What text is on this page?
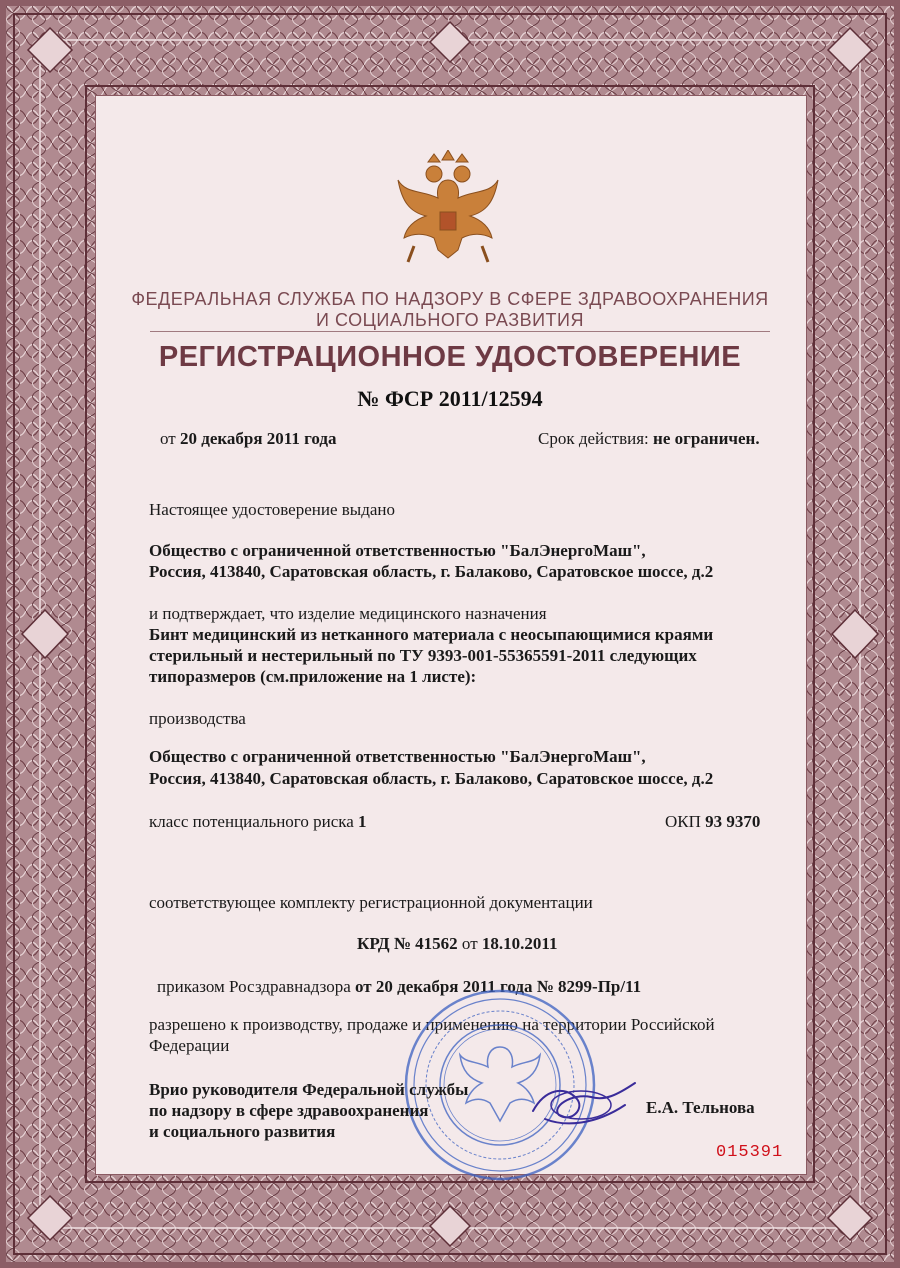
ФЕДЕРАЛЬНАЯ СЛУЖБА ПО НАДЗОРУ В СФЕРЕ ЗДРАВООХРАНЕНИЯ
И СОЦИАЛЬНОГО РАЗВИТИЯ
РЕГИСТРАЦИОННОЕ УДОСТОВЕРЕНИЕ
№ ФСР 2011/12594
от 20 декабря 2011 года	Срок действия: не ограничен.
Настоящее удостоверение выдано
Общество с ограниченной ответственностью "БалЭнергоМаш",
Россия, 413840, Саратовская область, г. Балаково, Саратовское шоссе, д.2
и подтверждает, что изделие медицинского назначения
Бинт медицинский из нетканного материала с неосыпающимися краями
стерильный и нестерильный по ТУ 9393-001-55365591-2011 следующих
типоразмеров (см.приложение на 1 листе):
производства
Общество с ограниченной ответственностью "БалЭнергоМаш",
Россия, 413840, Саратовская область, г. Балаково, Саратовское шоссе, д.2
класс потенциального риска 1	ОКП 93 9370
соответствующее комплекту регистрационной документации
КРД № 41562 от 18.10.2011
приказом Росздравнадзора от 20 декабря 2011 года № 8299-Пр/11
разрешено к производству, продаже и применению на территории Российской
Федерации
Врио руководителя Федеральной службы
по надзору в сфере здравоохранения
и социального развития
Е.А. Тельнова
015391
